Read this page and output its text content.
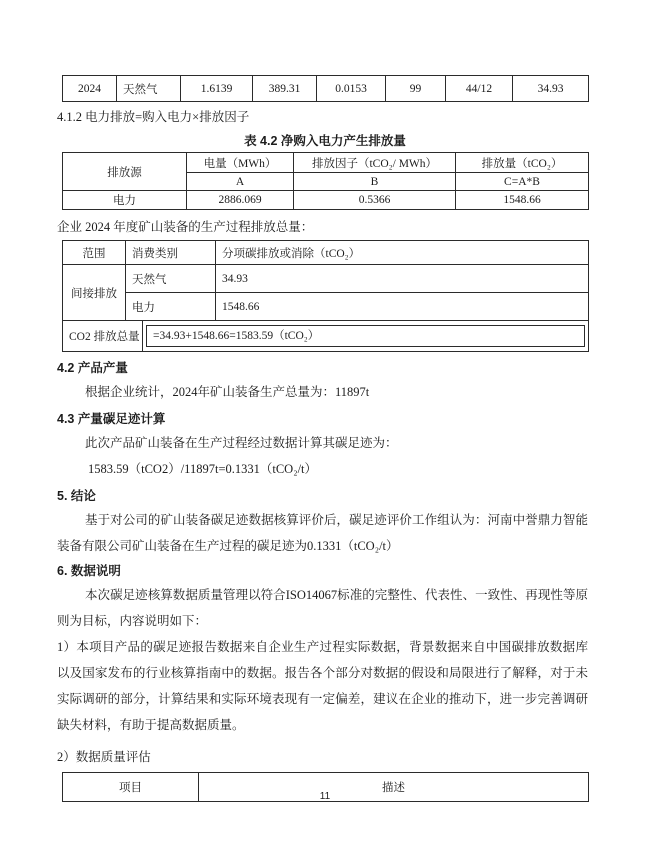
2024	天然气	1.6139	389.31	0.0153	99	44/12	34.93
4.1.2 电力排放=购入电力×排放因子
表 4.2 净购入电力产生排放量
排放源	电量（MWh）	排放因子（tCO₂/ MWh）	排放量（tCO₂）
	A	B	C=A*B
电力	2886.069	0.5366	1548.66
企业 2024 年度矿山装备的生产过程排放总量：
范围	消费类别	分项碳排放或消除（tCO₂）
间接排放	天然气	34.93
	电力	1548.66
CO2 排放总量	=34.93+1548.66=1583.59（tCO₂）
4.2 产品产量
根据企业统计，2024年矿山装备生产总量为：11897t
4.3 产量碳足迹计算
此次产品矿山装备在生产过程经过数据计算其碳足迹为：
1583.59（tCO2）/11897t=0.1331（tCO₂/t）
5. 结论
基于对公司的矿山装备碳足迹数据核算评价后，碳足迹评价工作组认为：河南中誉鼎力智能装备有限公司矿山装备在生产过程的碳足迹为0.1331（tCO₂/t）
6. 数据说明
本次碳足迹核算数据质量管理以符合ISO14067标准的完整性、代表性、一致性、再现性等原则为目标，内容说明如下：
1）本项目产品的碳足迹报告数据来自企业生产过程实际数据，背景数据来自中国碳排放数据库以及国家发布的行业核算指南中的数据。报告各个部分对数据的假设和局限进行了解释，对于未实际调研的部分，计算结果和实际环境表现有一定偏差，建议在企业的推动下，进一步完善调研缺失材料，有助于提高数据质量。
2）数据质量评估
项目	描述
11
